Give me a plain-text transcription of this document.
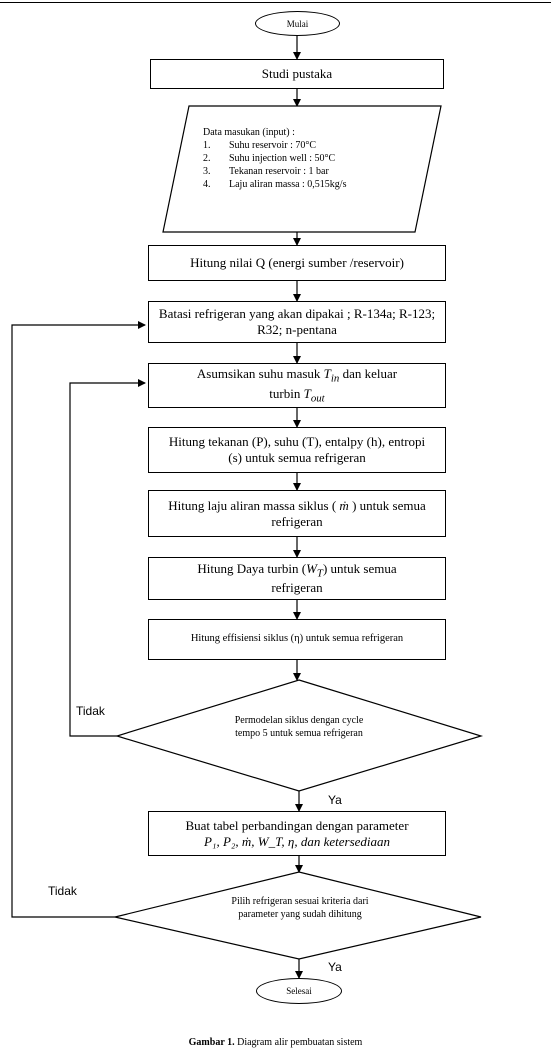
Mulai
Selesai
Studi pustaka
Data masukan (input) :
1.	Suhu reservoir : 70°C
2.	Suhu injection well : 50°C
3.	Tekanan reservoir : 1 bar
4.	Laju aliran massa : 0,515kg/s
Hitung nilai Q (energi sumber /reservoir)
Batasi refrigeran yang akan dipakai ; R-134a; R-123; R32; n-pentana
Asumsikan suhu masuk $T_{in}$ dan keluar turbin $T_{out}$
Hitung tekanan (P), suhu (T), entalpy (h), entropi (s) untuk semua refrigeran
Hitung laju aliran massa siklus ( ṁ ) untuk semua refrigeran
Hitung Daya turbin $(W_T)$ untuk semua refrigeran
Hitung effisiensi siklus (η) untuk semua refrigeran
Permodelan siklus dengan cycle tempo 5 untuk semua refrigeran
Buat tabel perbandingan dengan parameter
P₁, P₂, ṁ, W_T, η, dan ketersediaan
Pilih refrigeran sesuai kriteria dari parameter yang sudah dihitung
Tidak
Ya
Tidak
Ya
Gambar 1. Diagram alir pembuatan sistem
